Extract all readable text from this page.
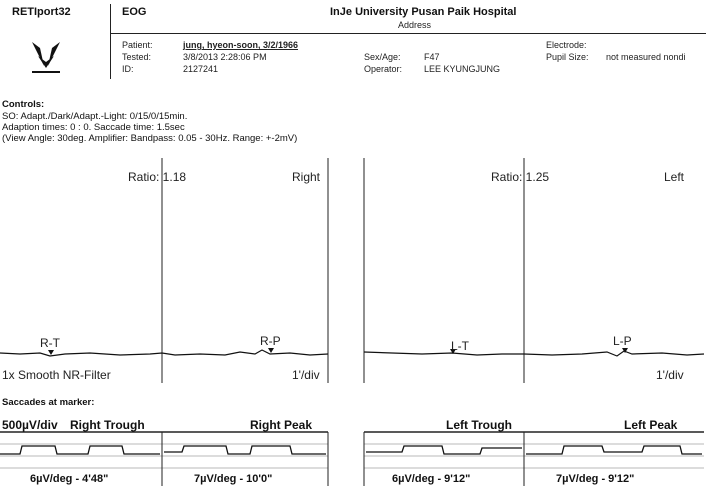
RETIport32	EOG	InJe University Pusan Paik Hospital
Address
Patient:	jung, hyeon-soon, 3/2/1966
Tested:	3/8/2013 2:28:06 PM
ID:	2127241
Sex/Age:	F47
Operator: LEE KYUNGJUNG
Electrode:
Pupil Size: not measured nondi
Controls:
SO: Adapt./Dark/Adapt.-Light: 0/15/0/15min.
Adaption times: 0 : 0. Saccade time: 1.5sec
(View Angle: 30deg. Amplifier: Bandpass: 0.05 - 30Hz. Range: +-2mV)
Ratio: 1.18	Right
R-T	R-P
1x Smooth NR-Filter	1'/div
Ratio: 1.25	Left
L-T	L-P
1'/div
Saccades at marker:
500µV/div Right Trough	Right Peak
6µV/deg - 4'48"	7µV/deg - 10'0"
Left Trough	Left Peak
6µV/deg - 9'12"	7µV/deg - 9'12"
